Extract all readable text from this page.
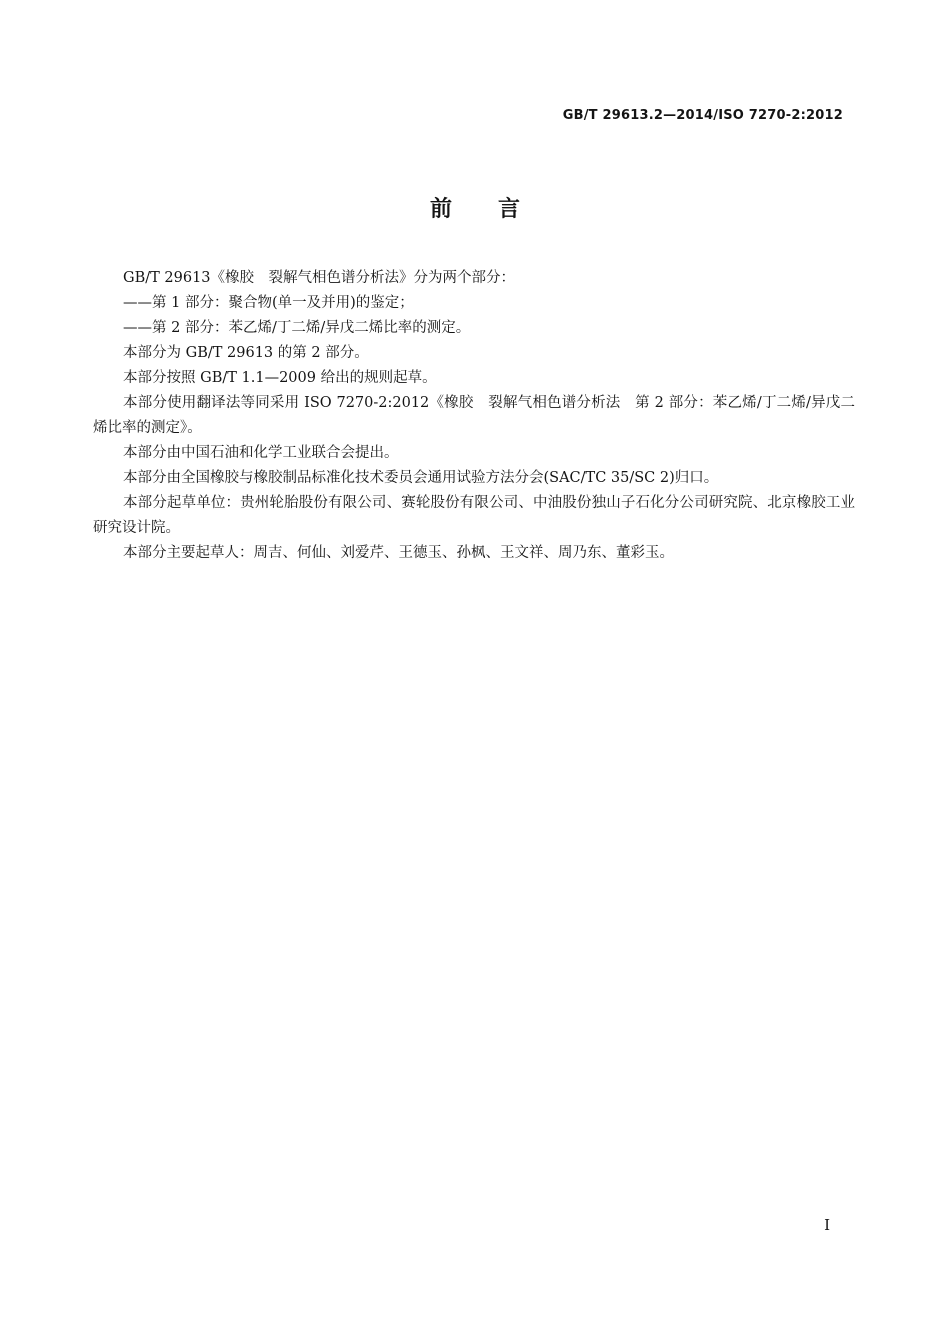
GB/T 29613.2—2014/ISO 7270-2:2012
前言

GB/T 29613《橡胶　裂解气相色谱分析法》分为两个部分：

——第 1 部分：聚合物(单一及并用)的鉴定；

——第 2 部分：苯乙烯/丁二烯/异戊二烯比率的测定。

本部分为 GB/T 29613 的第 2 部分。

本部分按照 GB/T 1.1—2009 给出的规则起草。

本部分使用翻译法等同采用 ISO 7270-2:2012《橡胶　裂解气相色谱分析法　第 2 部分：苯乙烯/丁二烯/异戊二烯比率的测定》。

本部分由中国石油和化学工业联合会提出。

本部分由全国橡胶与橡胶制品标准化技术委员会通用试验方法分会(SAC/TC 35/SC 2)归口。

本部分起草单位：贵州轮胎股份有限公司、赛轮股份有限公司、中油股份独山子石化分公司研究院、北京橡胶工业研究设计院。

本部分主要起草人：周吉、何仙、刘爱芹、王德玉、孙枫、王文祥、周乃东、董彩玉。

I
